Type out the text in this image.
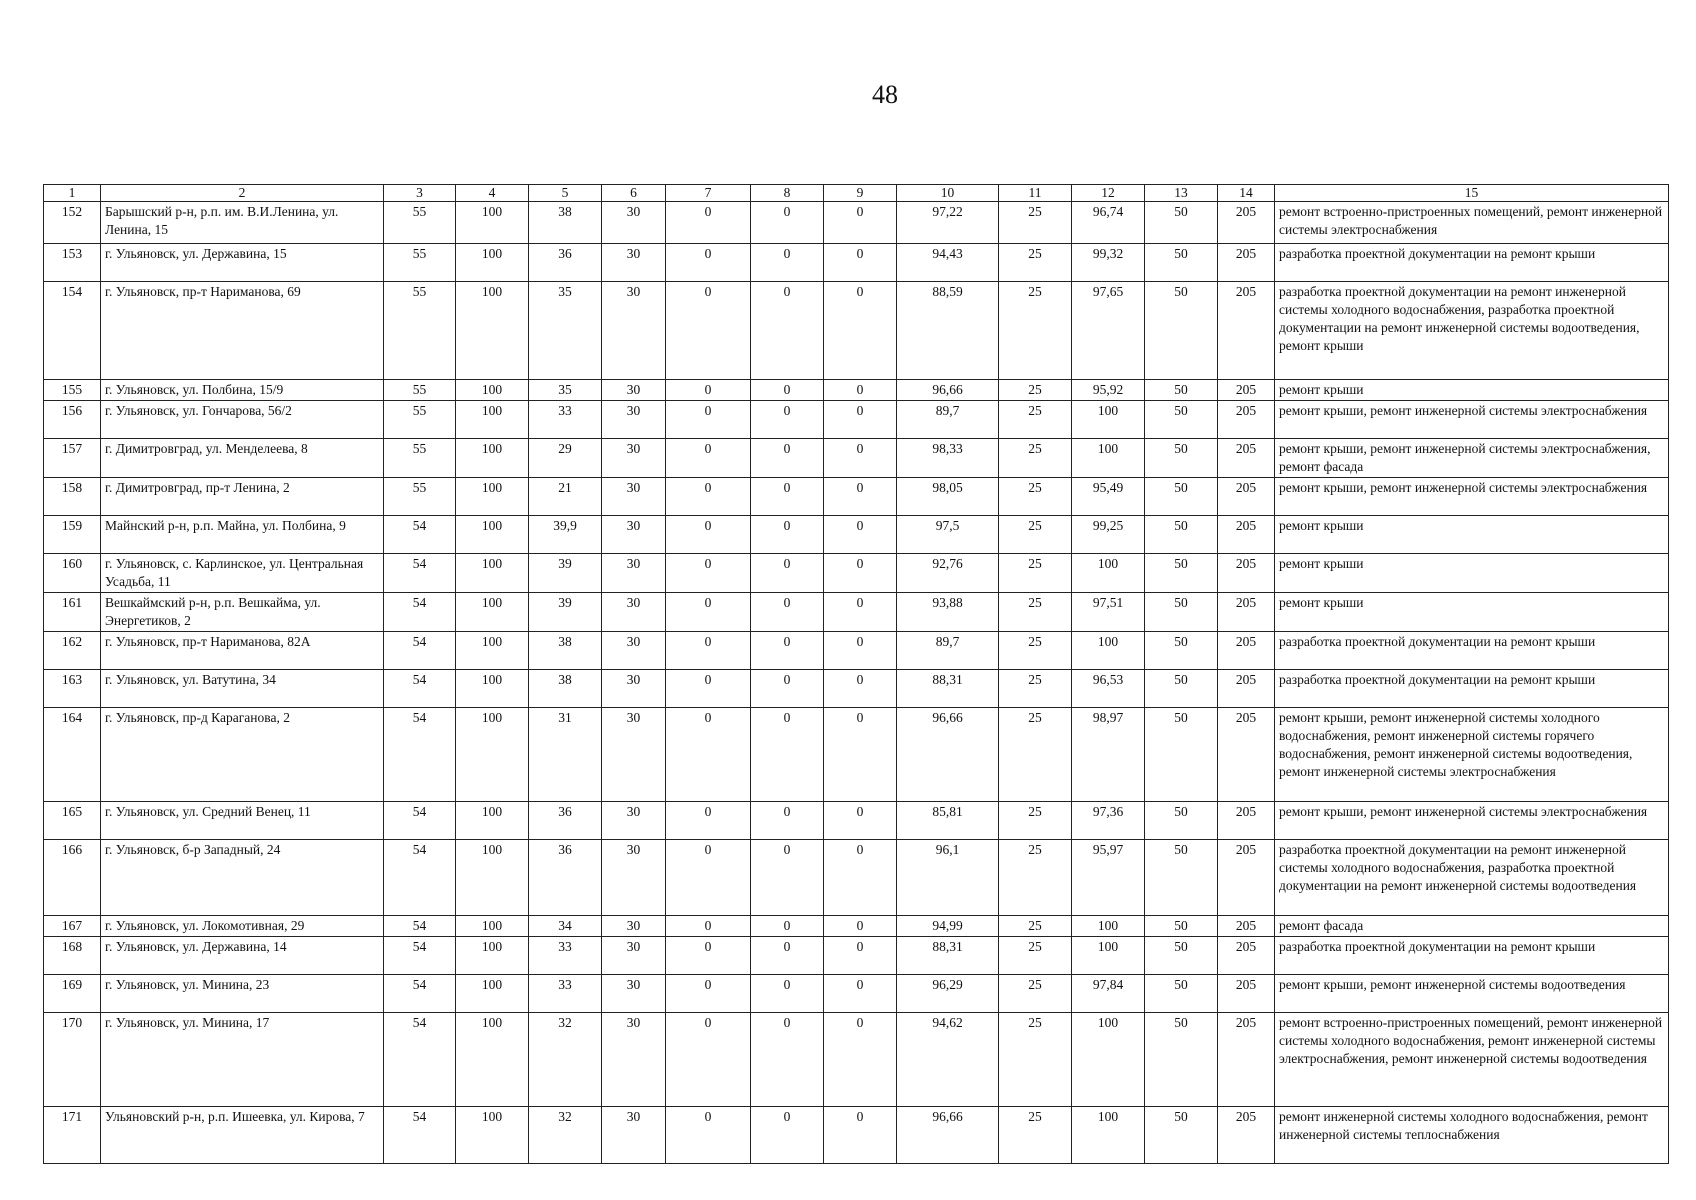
48
1	2	3	4	5	6	7	8	9	10	11	12	13	14	15
152	Барышский р-н, р.п. им. В.И.Ленина, ул. Ленина, 15	55	100	38	30	0	0	0	97,22	25	96,74	50	205	ремонт встроенно-пристроенных помещений, ремонт инженерной системы электроснабжения
153	г. Ульяновск, ул. Державина, 15	55	100	36	30	0	0	0	94,43	25	99,32	50	205	разработка проектной документации на ремонт крыши
154	г. Ульяновск, пр-т Нариманова, 69	55	100	35	30	0	0	0	88,59	25	97,65	50	205	разработка проектной документации на ремонт инженерной системы холодного водоснабжения, разработка проектной документации на ремонт инженерной системы водоотведения, ремонт крыши
155	г. Ульяновск, ул. Полбина, 15/9	55	100	35	30	0	0	0	96,66	25	95,92	50	205	ремонт крыши
156	г. Ульяновск, ул. Гончарова, 56/2	55	100	33	30	0	0	0	89,7	25	100	50	205	ремонт крыши, ремонт инженерной системы электроснабжения
157	г. Димитровград, ул. Менделеева, 8	55	100	29	30	0	0	0	98,33	25	100	50	205	ремонт крыши, ремонт инженерной системы электроснабжения, ремонт фасада
158	г. Димитровград, пр-т Ленина, 2	55	100	21	30	0	0	0	98,05	25	95,49	50	205	ремонт крыши, ремонт инженерной системы электроснабжения
159	Майнский р-н, р.п. Майна, ул. Полбина, 9	54	100	39,9	30	0	0	0	97,5	25	99,25	50	205	ремонт крыши
160	г. Ульяновск, с. Карлинское, ул. Центральная Усадьба, 11	54	100	39	30	0	0	0	92,76	25	100	50	205	ремонт крыши
161	Вешкаймский р-н, р.п. Вешкайма, ул. Энергетиков, 2	54	100	39	30	0	0	0	93,88	25	97,51	50	205	ремонт крыши
162	г. Ульяновск, пр-т Нариманова, 82А	54	100	38	30	0	0	0	89,7	25	100	50	205	разработка проектной документации на ремонт крыши
163	г. Ульяновск, ул. Ватутина, 34	54	100	38	30	0	0	0	88,31	25	96,53	50	205	разработка проектной документации на ремонт крыши
164	г. Ульяновск, пр-д Караганова, 2	54	100	31	30	0	0	0	96,66	25	98,97	50	205	ремонт крыши, ремонт инженерной системы холодного водоснабжения, ремонт инженерной системы горячего водоснабжения, ремонт инженерной системы водоотведения, ремонт инженерной системы электроснабжения
165	г. Ульяновск, ул. Средний Венец, 11	54	100	36	30	0	0	0	85,81	25	97,36	50	205	ремонт крыши, ремонт инженерной системы электроснабжения
166	г. Ульяновск, б-р Западный, 24	54	100	36	30	0	0	0	96,1	25	95,97	50	205	разработка проектной документации на ремонт инженерной системы холодного водоснабжения, разработка проектной документации на ремонт инженерной системы водоотведения
167	г. Ульяновск, ул. Локомотивная, 29	54	100	34	30	0	0	0	94,99	25	100	50	205	ремонт фасада
168	г. Ульяновск, ул. Державина, 14	54	100	33	30	0	0	0	88,31	25	100	50	205	разработка проектной документации на ремонт крыши
169	г. Ульяновск, ул. Минина, 23	54	100	33	30	0	0	0	96,29	25	97,84	50	205	ремонт крыши, ремонт инженерной системы водоотведения
170	г. Ульяновск, ул. Минина, 17	54	100	32	30	0	0	0	94,62	25	100	50	205	ремонт встроенно-пристроенных помещений, ремонт инженерной системы холодного водоснабжения, ремонт инженерной системы электроснабжения, ремонт инженерной системы водоотведения
171	Ульяновский р-н, р.п. Ишеевка, ул. Кирова, 7	54	100	32	30	0	0	0	96,66	25	100	50	205	ремонт инженерной системы холодного водоснабжения, ремонт инженерной системы теплоснабжения
